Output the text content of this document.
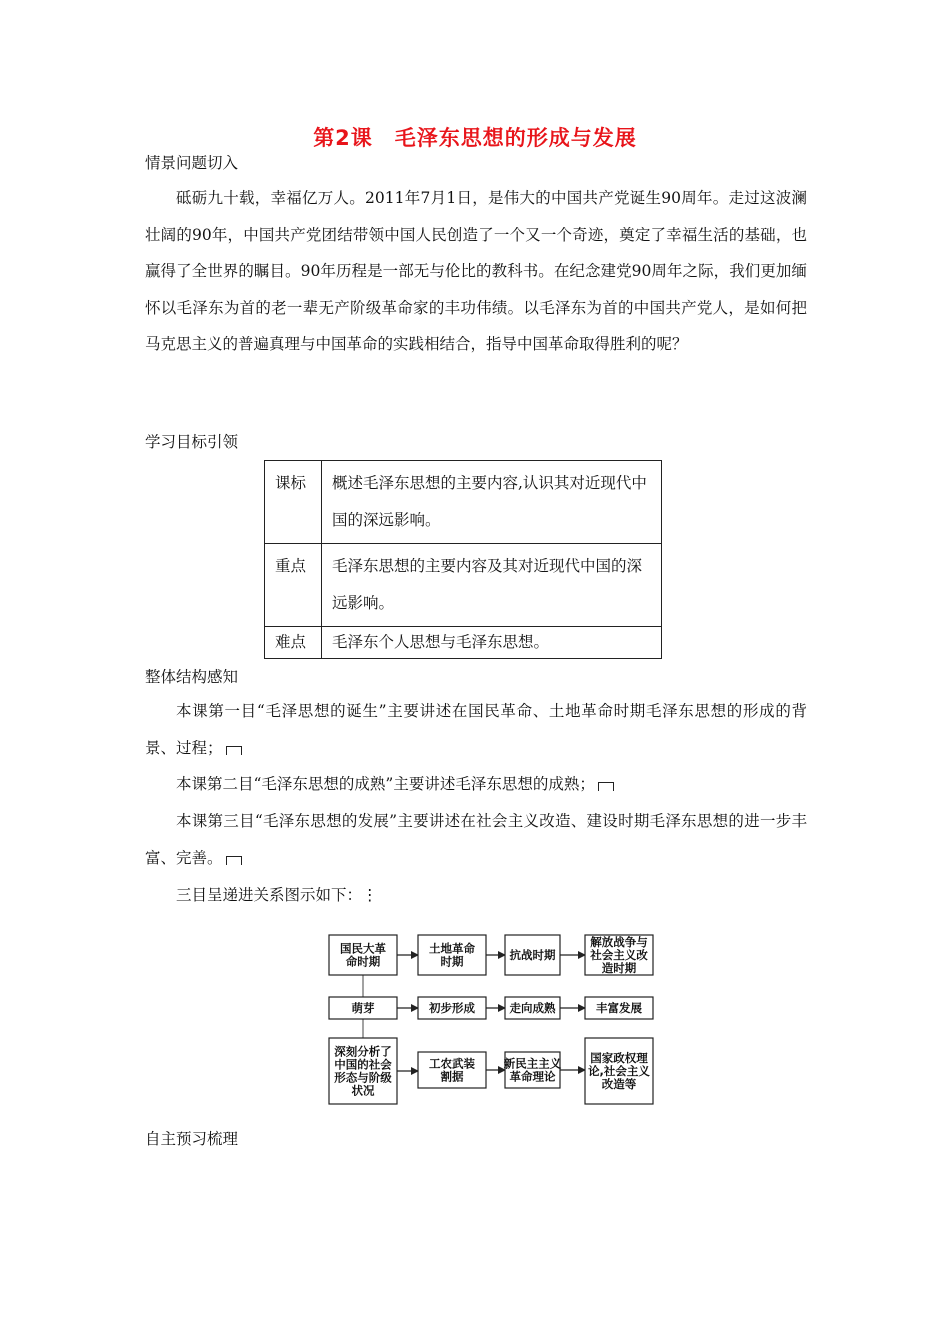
第2课　毛泽东思想的形成与发展
情景问题切入

砥砺九十载，幸福亿万人。2011年7月1日，是伟大的中国共产党诞生90周年。走过这波澜壮阔的90年，中国共产党团结带领中国人民创造了一个又一个奇迹，奠定了幸福生活的基础，也赢得了全世界的瞩目。90年历程是一部无与伦比的教科书。在纪念建党90周年之际，我们更加缅怀以毛泽东为首的老一辈无产阶级革命家的丰功伟绩。以毛泽东为首的中国共产党人，是如何把马克思主义的普遍真理与中国革命的实践相结合，指导中国革命取得胜利的呢？

学习目标引领
课标	概述毛泽东思想的主要内容,认识其对近现代中国的深远影响。
重点	毛泽东思想的主要内容及其对近现代中国的深远影响。
难点	毛泽东个人思想与毛泽东思想。
整体结构感知

本课第一目“毛泽思想的诞生”主要讲述在国民革命、土地革命时期毛泽东思想的形成的背景、过程；

本课第二目“毛泽东思想的成熟”主要讲述毛泽东思想的成熟；

本课第三目“毛泽东思想的发展”主要讲述在社会主义改造、建设时期毛泽东思想的进一步丰富、完善。

三目呈递进关系图示如下：⋮

国民大革
命时期
土地革命
时期	抗战时期
解放战争与
社会主义改
造时期
萌芽	初步形成	走向成熟	丰富发展
深刻分析了
中国的社会
形态与阶级
状况
工农武装
割据
新民主主义
革命理论
国家政权理
论,社会主义
改造等
自主预习梳理
